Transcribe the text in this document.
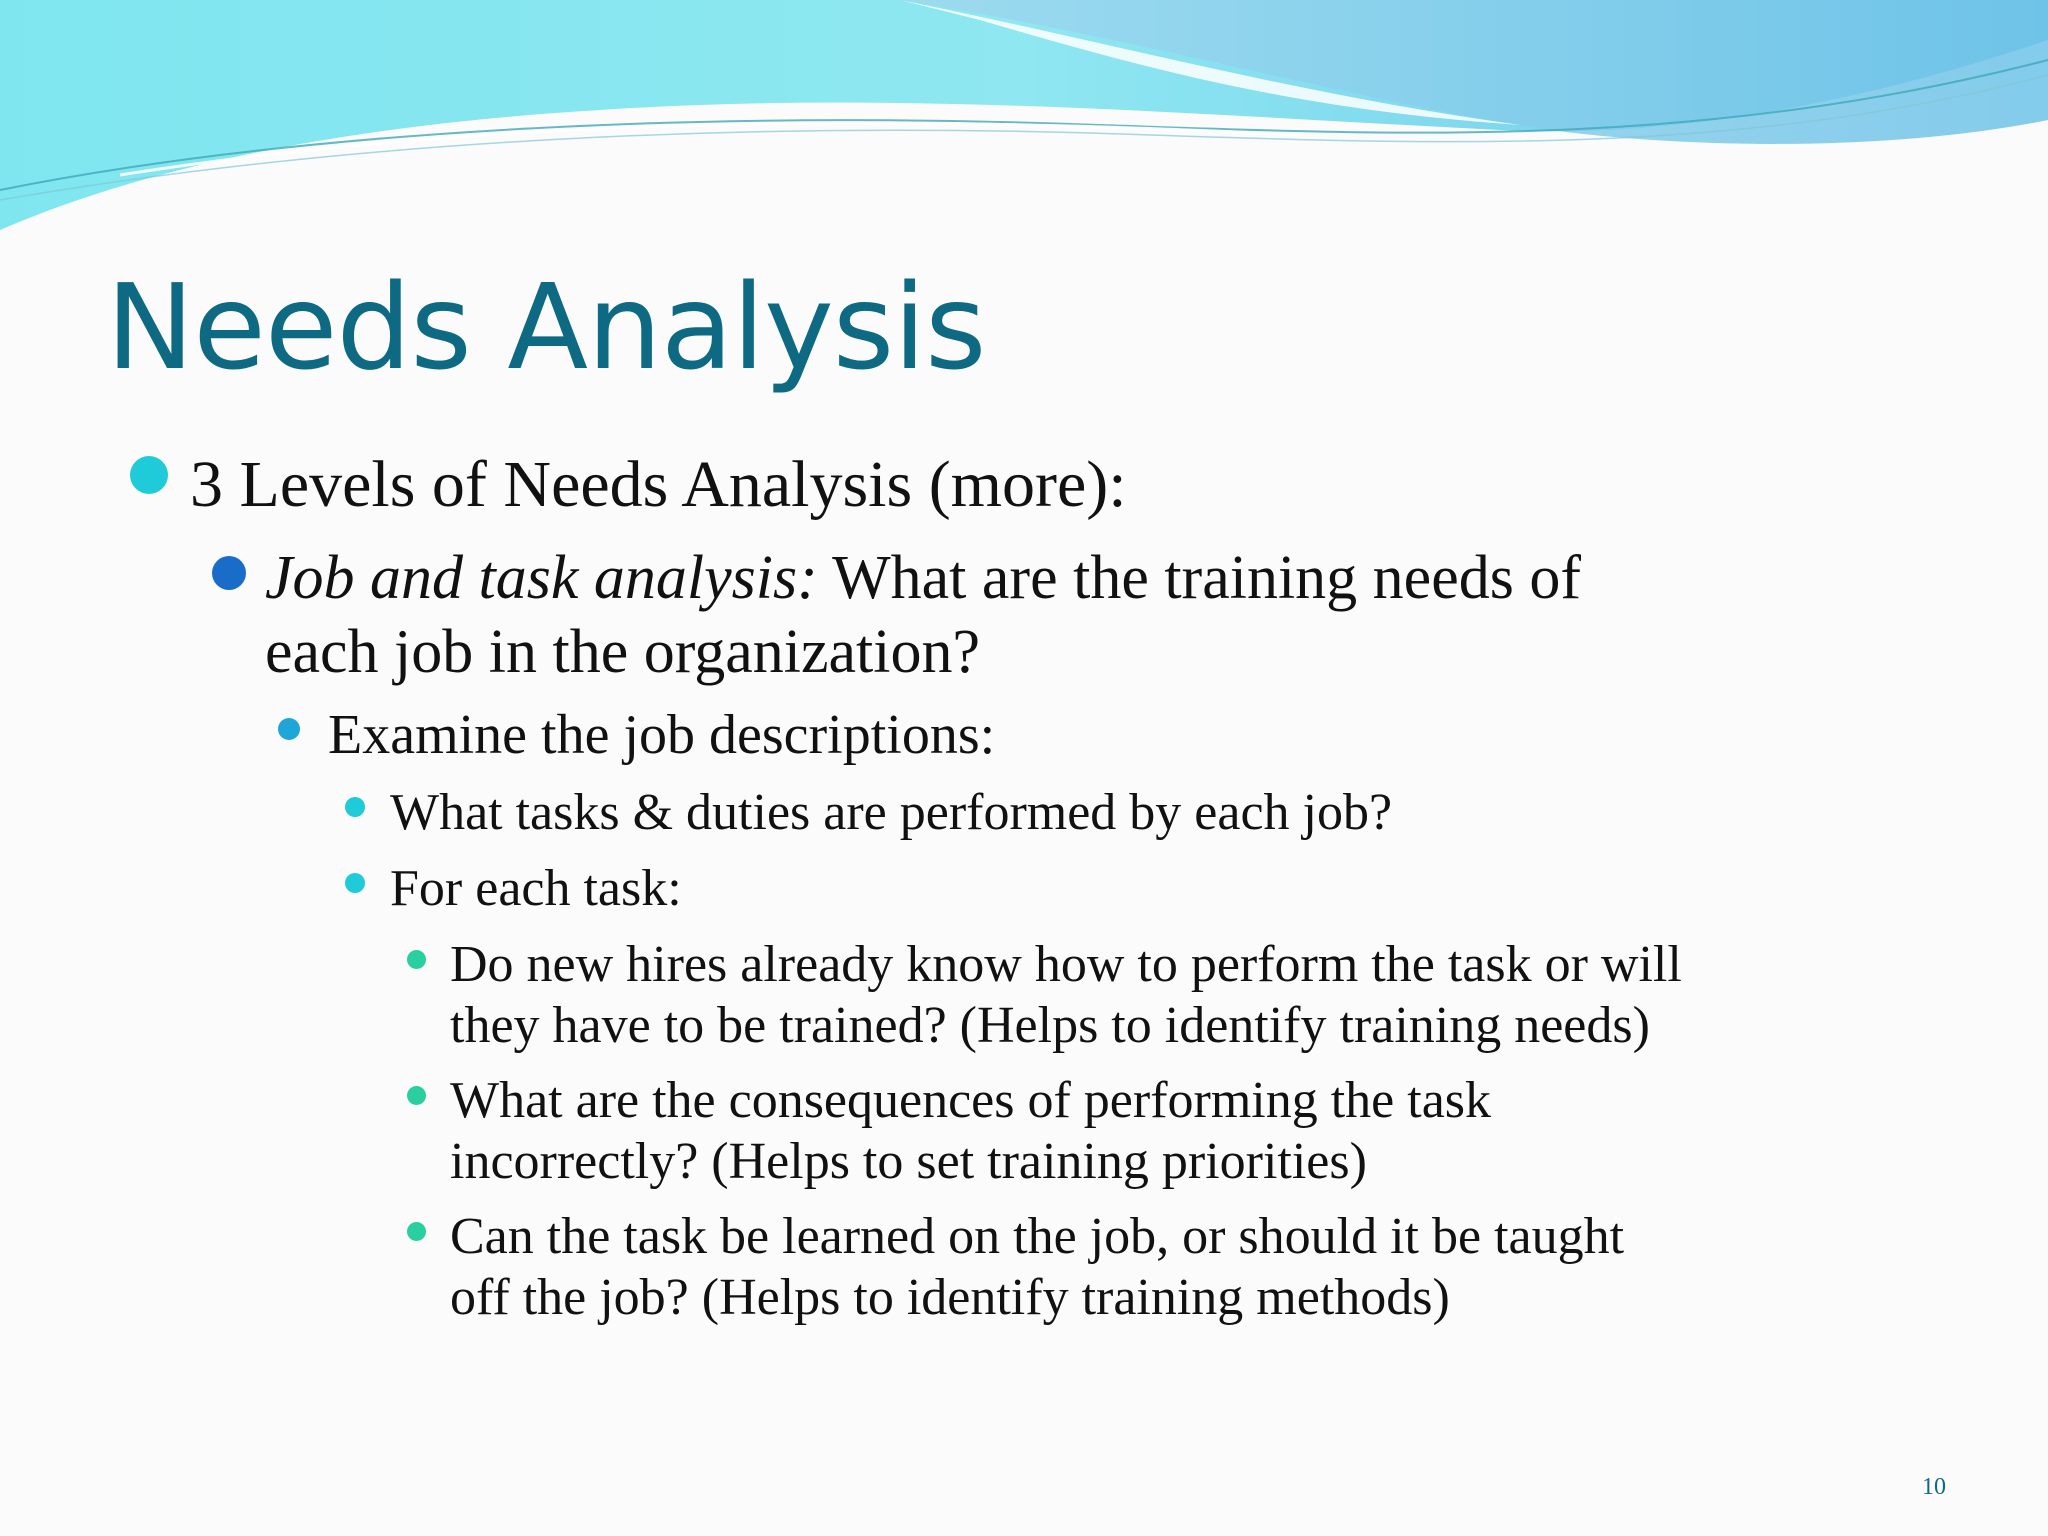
Needs Analysis

3 Levels of Needs Analysis (more):

Job and task analysis: What are the training needs of

each job in the organization?

Examine the job descriptions:

What tasks & duties are performed by each job?

For each task:

Do new hires already know how to perform the task or will

they have to be trained? (Helps to identify training needs)

What are the consequences of performing the task

incorrectly? (Helps to set training priorities)

Can the task be learned on the job, or should it be taught

off the job? (Helps to identify training methods)

10
